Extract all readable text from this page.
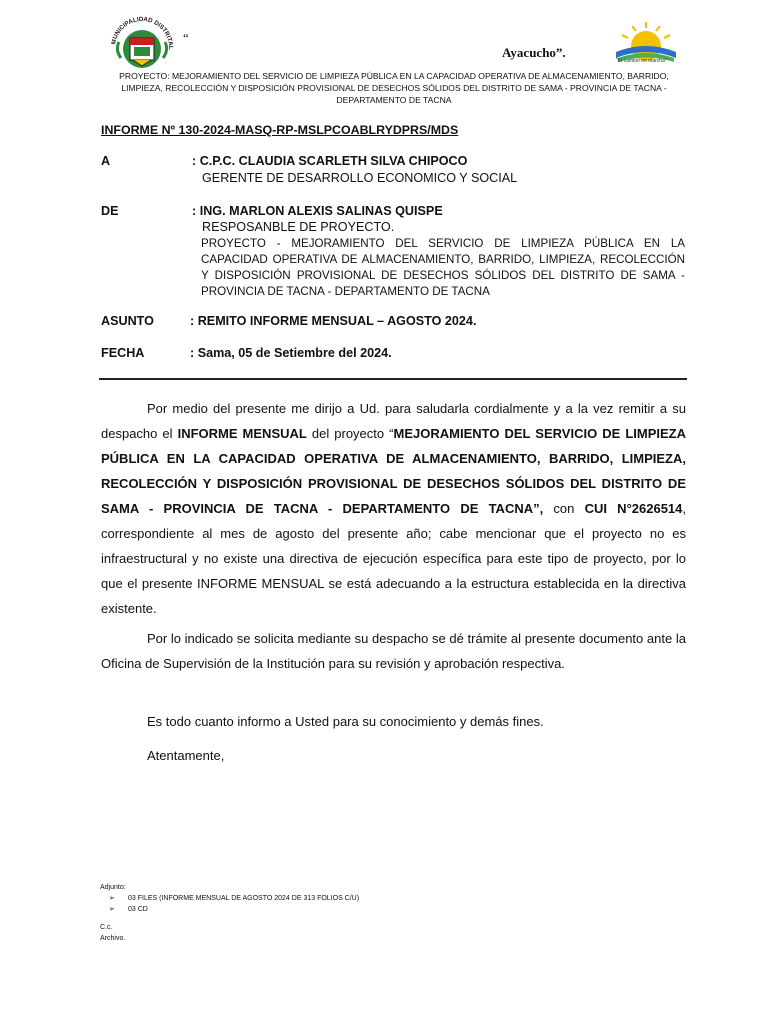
MUNICIPALIDAD DISTRITAL
“
Ayacucho”.
"El cambio en marcha"
PROYECTO: MEJORAMIENTO DEL SERVICIO DE LIMPIEZA PÚBLICA EN LA CAPACIDAD OPERATIVA DE ALMACENAMIENTO, BARRIDO,
LIMPIEZA, RECOLECCIÓN Y DISPOSICIÓN PROVISIONAL DE DESECHOS SÓLIDOS DEL DISTRITO DE SAMA - PROVINCIA DE TACNA -
DEPARTAMENTO DE TACNA
INFORME Nº 130-2024-MASQ-RP-MSLPCOABLRYDPRS/MDS
A	: C.P.C. CLAUDIA SCARLETH SILVA CHIPOCO
GERENTE DE DESARROLLO ECONOMICO Y SOCIAL
DE	: ING. MARLON ALEXIS SALINAS QUISPE
RESPOSANBLE DE PROYECTO.
PROYECTO - MEJORAMIENTO DEL SERVICIO DE LIMPIEZA PÚBLICA EN LA CAPACIDAD OPERATIVA DE ALMACENAMIENTO, BARRIDO, LIMPIEZA, RECOLECCIÓN Y DISPOSICIÓN PROVISIONAL DE DESECHOS SÓLIDOS DEL DISTRITO DE SAMA - PROVINCIA DE TACNA - DEPARTAMENTO DE TACNA
ASUNTO	: REMITO INFORME MENSUAL – AGOSTO 2024.
FECHA	: Sama, 05 de Setiembre del 2024.

Por medio del presente me dirijo a Ud. para saludarla cordialmente y a la vez remitir a su despacho el INFORME MENSUAL del proyecto “MEJORAMIENTO DEL SERVICIO DE LIMPIEZA PÚBLICA EN LA CAPACIDAD OPERATIVA DE ALMACENAMIENTO, BARRIDO, LIMPIEZA, RECOLECCIÓN Y DISPOSICIÓN PROVISIONAL DE DESECHOS SÓLIDOS DEL DISTRITO DE SAMA - PROVINCIA DE TACNA - DEPARTAMENTO DE TACNA”, con CUI N°2626514, correspondiente al mes de agosto del presente año; cabe mencionar que el proyecto no es infraestructural y no existe una directiva de ejecución específica para este tipo de proyecto, por lo que el presente INFORME MENSUAL se está adecuando a la estructura establecida en la directiva existente.

Por lo indicado se solicita mediante su despacho se dé trámite al presente documento ante la Oficina de Supervisión de la Institución para su revisión y aprobación respectiva.

Es todo cuanto informo a Usted para su conocimiento y demás fines.
Atentamente,
Adjunto:
➢ 03 FILES (INFORME MENSUAL DE AGOSTO 2024 DE 313 FOLIOS C/U)
➢ 03 CD
C.c.
Archivo.
